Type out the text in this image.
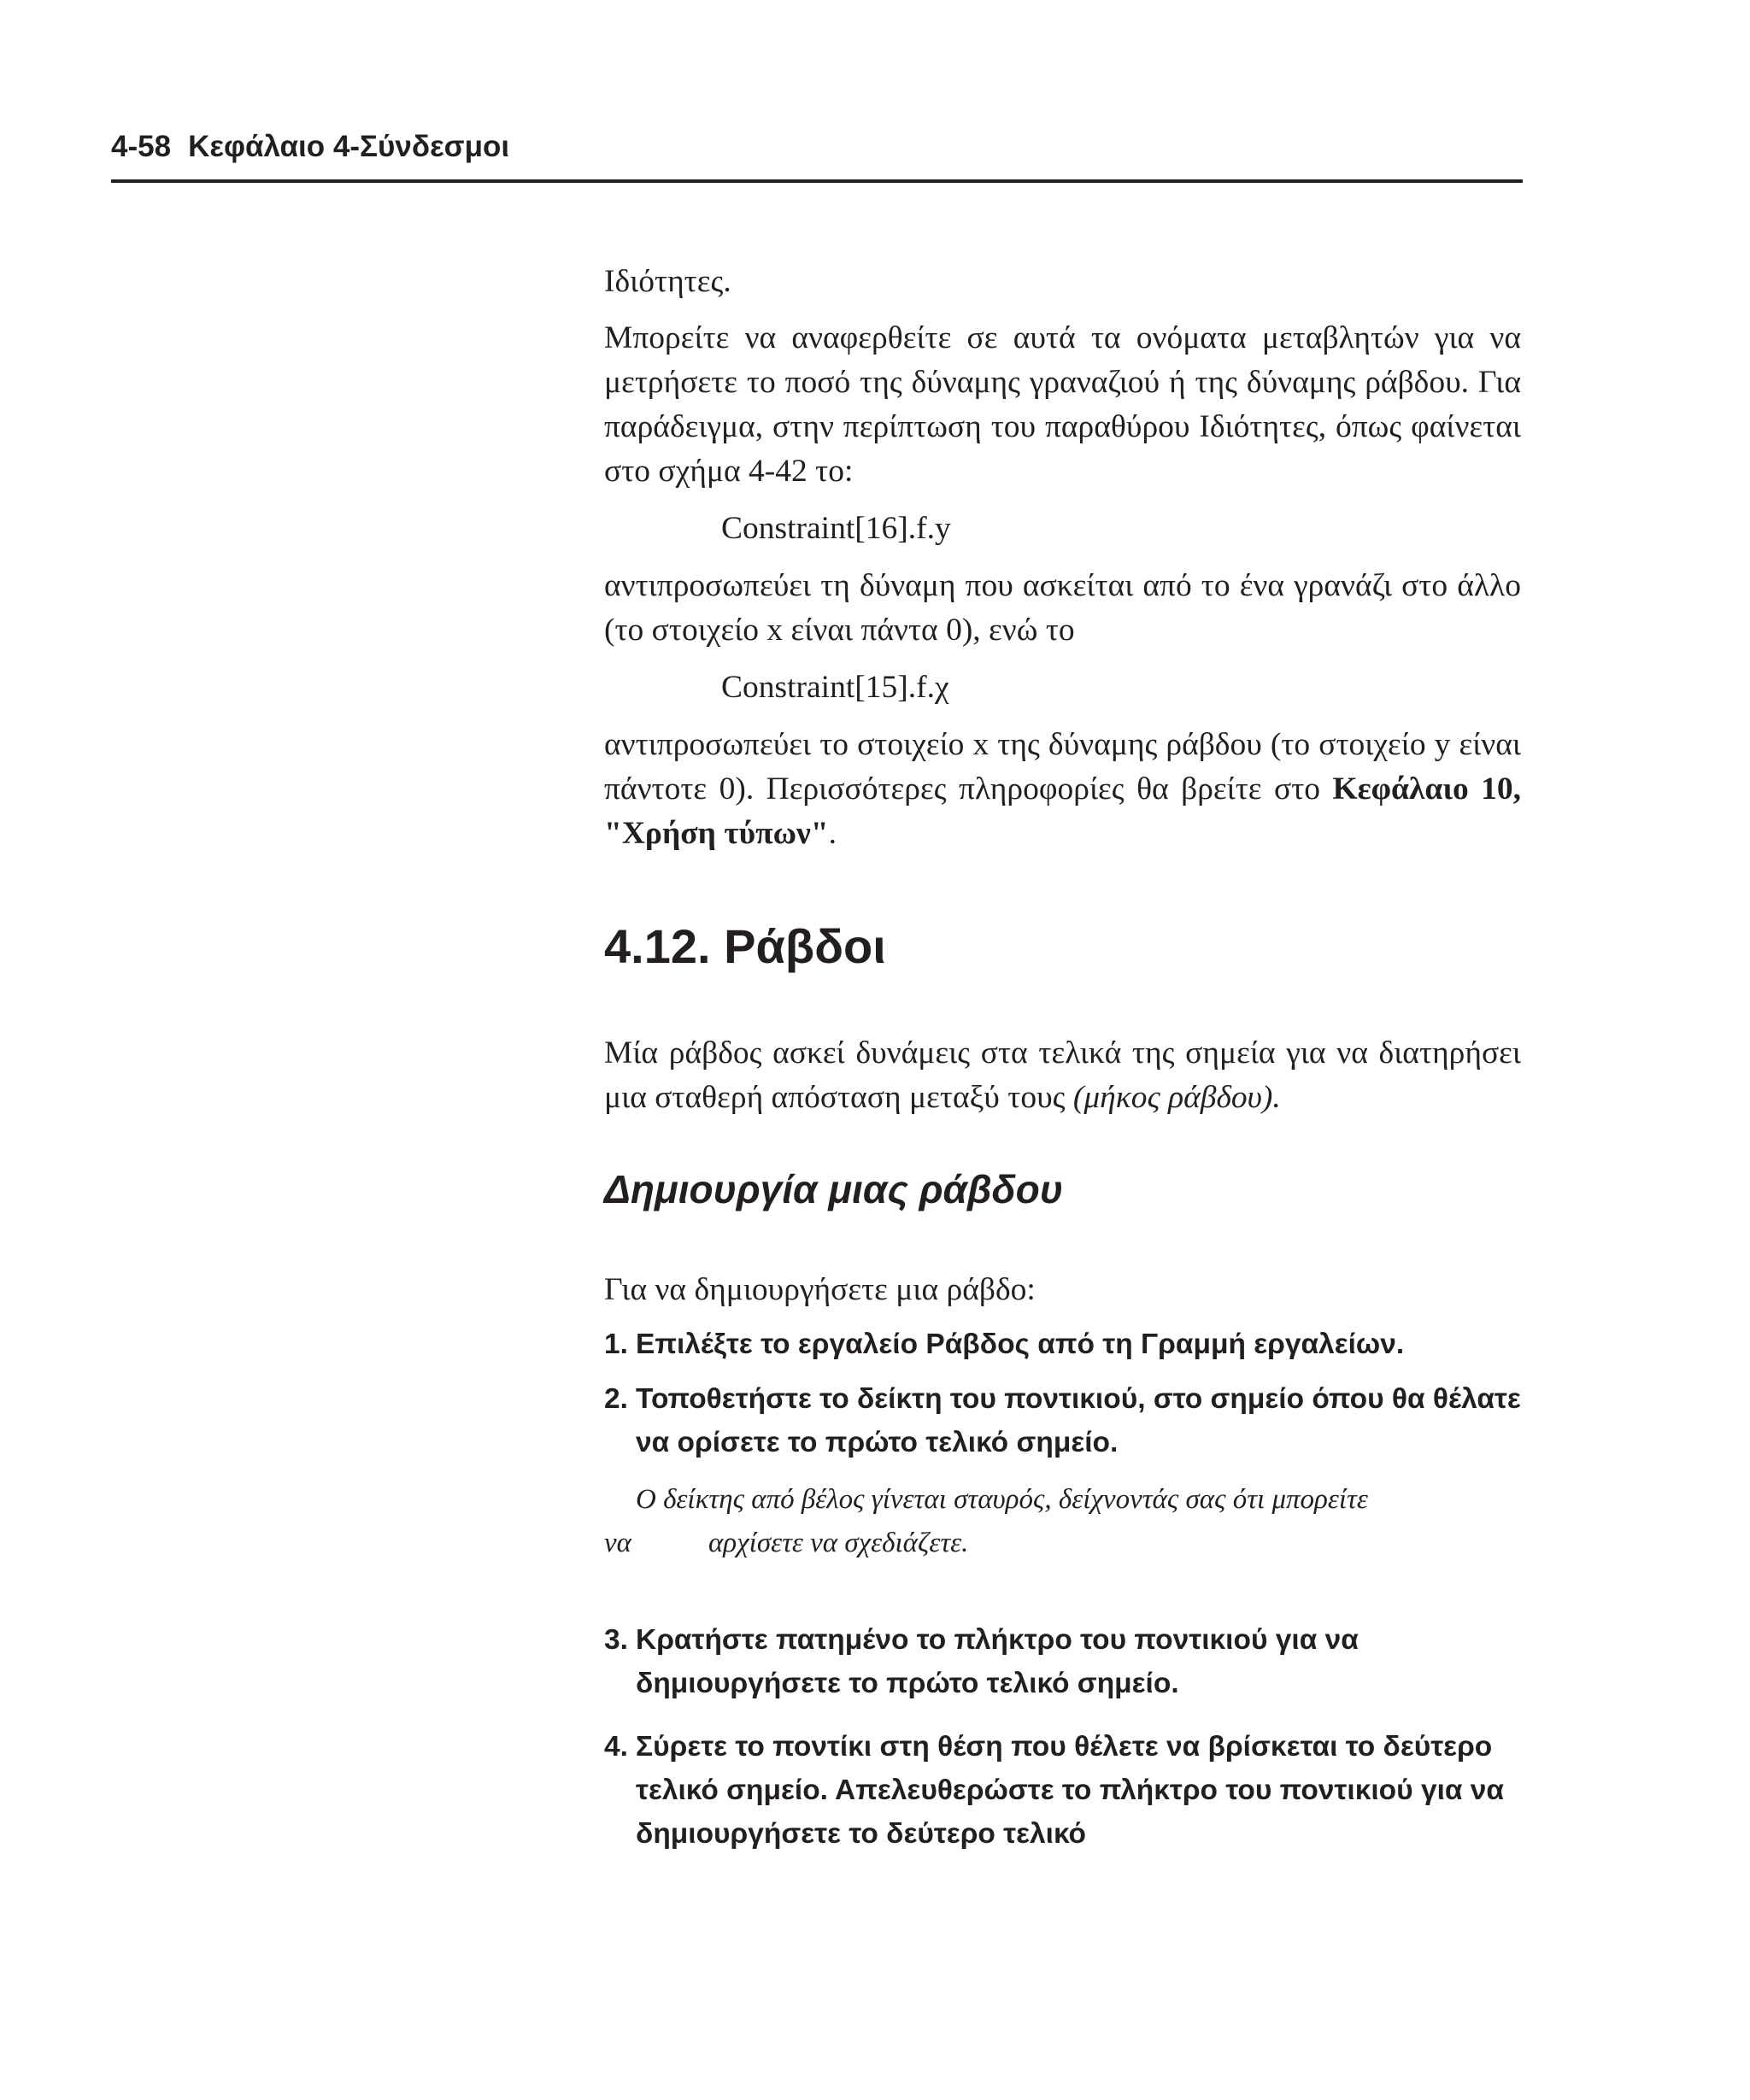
4-58 Κεφάλαιο 4-Σύνδεσμοι

Ιδιότητες.

Μπορείτε να αναφερθείτε σε αυτά τα ονόματα μεταβλητών για να μετρήσετε το ποσό της δύναμης γραναζιού ή της δύναμης ράβδου. Για παράδειγμα, στην περίπτωση του παραθύρου Ιδιότητες, όπως φαίνεται στο σχήμα 4-42 το:

Constraint[16].f.y

αντιπροσωπεύει τη δύναμη που ασκείται από το ένα γρανάζι στο άλλο (το στοιχείο x είναι πάντα 0), ενώ το

Constraint[15].f.χ

αντιπροσωπεύει το στοιχείο x της δύναμης ράβδου (το στοιχείο y είναι πάντοτε 0). Περισσότερες πληροφορίες θα βρείτε στο Κεφάλαιο 10, "Χρήση τύπων".

4.12. Ράβδοι

Μία ράβδος ασκεί δυνάμεις στα τελικά της σημεία για να διατηρήσει μια σταθερή απόσταση μεταξύ τους (μήκος ράβδου).

Δημιουργία μιας ράβδου

Για να δημιουργήσετε μια ράβδο:

1. Επιλέξτε το εργαλείο Ράβδος από τη Γραμμή εργαλείων.
2. Τοποθετήστε το δείκτη του ποντικιού, στο σημείο όπου θα θέλατε να ορίσετε το πρώτο τελικό σημείο.
Ο δείκτης από βέλος γίνεται σταυρός, δείχνοντάς σας ότι μπορείτε
να	αρχίσετε να σχεδιάζετε.
3. Κρατήστε πατημένο το πλήκτρο του ποντικιού για να δημιουργήσετε το πρώτο τελικό σημείο.
4. Σύρετε το ποντίκι στη θέση που θέλετε να βρίσκεται το δεύτερο τελικό σημείο. Απελευθερώστε το πλήκτρο του ποντικιού για να δημιουργήσετε το δεύτερο τελικό
